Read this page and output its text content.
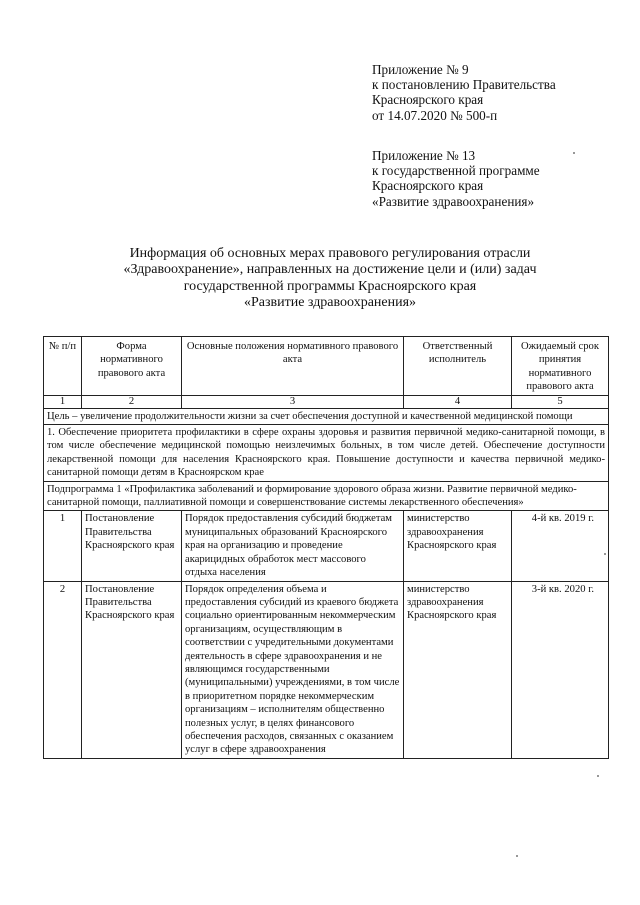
Приложение № 9
к постановлению Правительства
Красноярского края
от 14.07.2020 № 500-п
Приложение № 13
к государственной программе
Красноярского края
«Развитие здравоохранения»
Информация об основных мерах правового регулирования отрасли
«Здравоохранение», направленных на достижение цели и (или) задач
государственной программы Красноярского края
«Развитие здравоохранения»
№ п/п	Форма нормативного правового акта	Основные положения нормативного правового акта	Ответственный исполнитель	Ожидаемый срок принятия нормативного правового акта
1	2	3	4	5
Цель – увеличение продолжительности жизни за счет обеспечения доступной и качественной медицинской помощи				
1. Обеспечение приоритета профилактики в сфере охраны здоровья и развития первичной медико-санитарной помощи, в том числе обеспечение медицинской помощью неизлечимых больных, в том числе детей. Обеспечение доступности лекарственной помощи для населения Красноярского края. Повышение доступности и качества первичной медико-санитарной помощи детям в Красноярском крае				
Подпрограмма 1 «Профилактика заболеваний и формирование здорового образа жизни. Развитие первичной медико-санитарной помощи, паллиативной помощи и совершенствование системы лекарственного обеспечения»				
1	Постановление Правительства Красноярского края	Порядок предоставления субсидий бюджетам муниципальных образований Красноярского края на организацию и проведение акарицидных обработок мест массового отдыха населения	министерство здравоохранения Красноярского края	4-й кв. 2019 г.
2	Постановление Правительства Красноярского края	Порядок определения объема и предоставления субсидий из краевого бюджета социально ориентированным некоммерческим организациям, осуществляющим в соответствии с учредительными документами деятельность в сфере здравоохранения и не являющимся государственными (муниципальными) учреждениями, в том числе в приоритетном порядке некоммерческим организациям – исполнителям общественно полезных услуг, в целях финансового обеспечения расходов, связанных с оказанием услуг в сфере здравоохранения	министерство здравоохранения Красноярского края	3-й кв. 2020 г.
